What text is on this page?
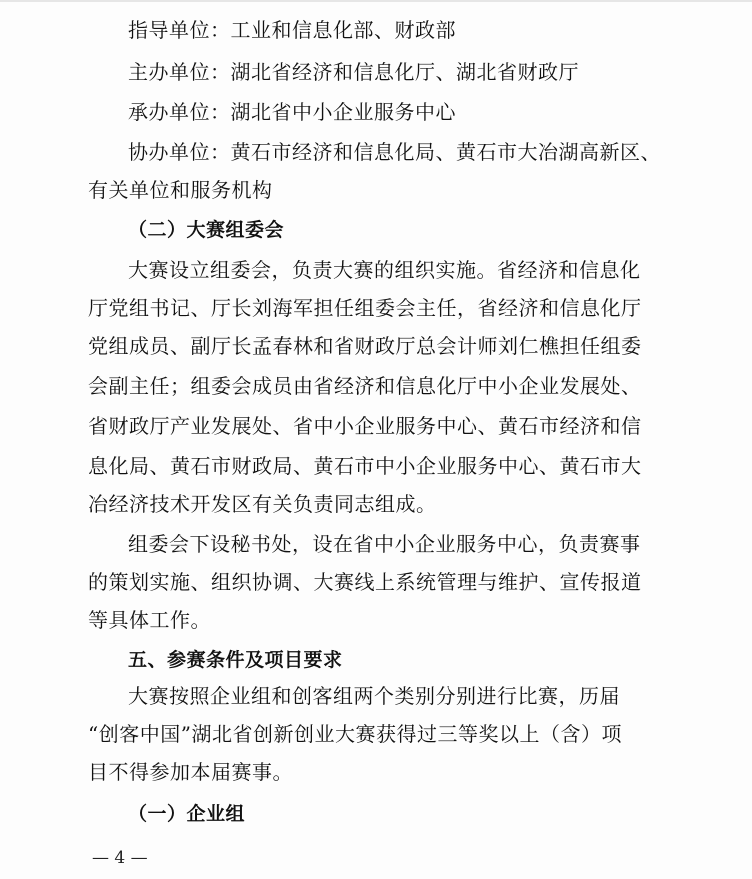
指导单位：工业和信息化部、财政部
主办单位：湖北省经济和信息化厅、湖北省财政厅
承办单位：湖北省中小企业服务中心
协办单位：黄石市经济和信息化局、黄石市大冶湖高新区、
有关单位和服务机构
（二）大赛组委会
大赛设立组委会，负责大赛的组织实施。省经济和信息化
厅党组书记、厅长刘海军担任组委会主任，省经济和信息化厅
党组成员、副厅长孟春林和省财政厅总会计师刘仁樵担任组委
会副主任；组委会成员由省经济和信息化厅中小企业发展处、
省财政厅产业发展处、省中小企业服务中心、黄石市经济和信
息化局、黄石市财政局、黄石市中小企业服务中心、黄石市大
冶经济技术开发区有关负责同志组成。
组委会下设秘书处，设在省中小企业服务中心，负责赛事
的策划实施、组织协调、大赛线上系统管理与维护、宣传报道
等具体工作。
五、参赛条件及项目要求
大赛按照企业组和创客组两个类别分别进行比赛，历届
“创客中国”湖北省创新创业大赛获得过三等奖以上（含）项
目不得参加本届赛事。
（一）企业组
— 4 —
